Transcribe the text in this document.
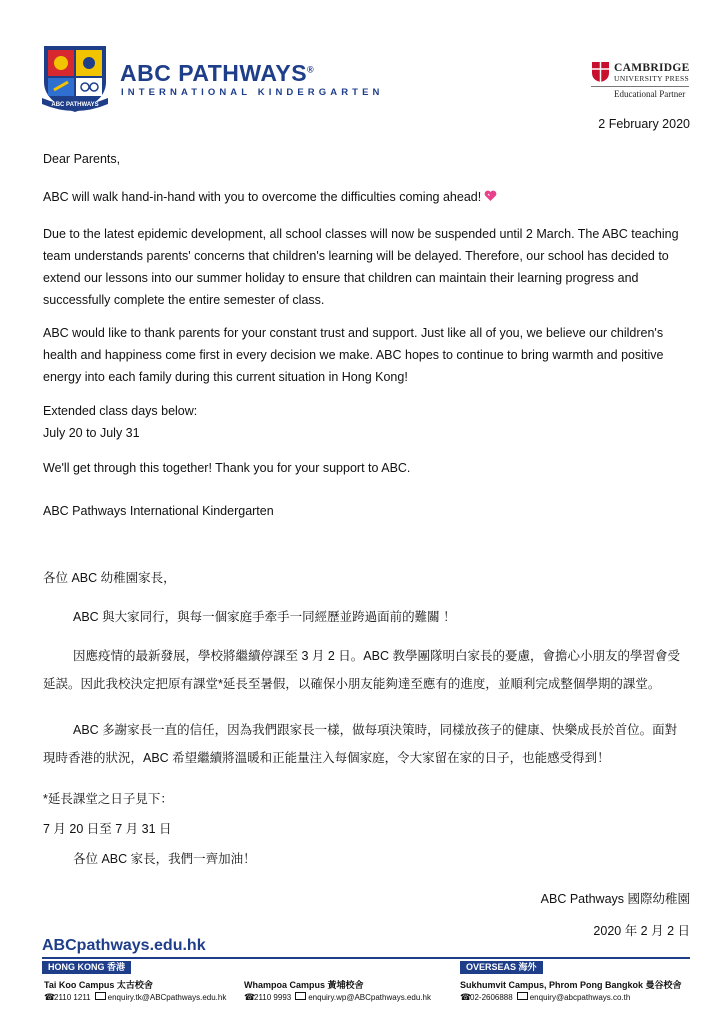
ABC PATHWAYS
ABC PATHWAYS®
INTERNATIONAL KINDERGARTEN
CAMBRIDGE
UNIVERSITY PRESS
Educational Partner
2 February 2020

Dear Parents,

ABC will walk hand-in-hand with you to overcome the difficulties coming ahead!

Due to the latest epidemic development, all school classes will now be suspended until 2 March. The ABC teaching team understands parents' concerns that children's learning will be delayed. Therefore, our school has decided to extend our lessons into our summer holiday to ensure that children can maintain their learning progress and successfully complete the entire semester of class.

ABC would like to thank parents for your constant trust and support. Just like all of you, we believe our children's health and happiness come first in every decision we make. ABC hopes to continue to bring warmth and positive energy into each family during this current situation in Hong Kong!

Extended class days below:

July 20 to July 31

We'll get through this together! Thank you for your support to ABC.

ABC Pathways International Kindergarten

各位 ABC 幼稚園家長，

ABC 與大家同行，與每一個家庭手牽手一同經歷並跨過面前的難關 ！

因應疫情的最新發展，學校將繼續停課至 3 月 2 日。ABC 教學團隊明白家長的憂慮，會擔心小朋友的學習會受延誤。因此我校決定把原有課堂*延長至暑假，以確保小朋友能夠達至應有的進度，並順利完成整個學期的課堂。

ABC 多謝家長一直的信任，因為我們跟家長一樣，做每項決策時，同樣放孩子的健康、快樂成長於首位。面對現時香港的狀況，ABC 希望繼續將溫暖和正能量注入每個家庭，令大家留在家的日子，也能感受得到！

*延長課堂之日子見下：

7 月 20 日至 7 月 31 日

各位 ABC 家長，我們一齊加油！

ABC Pathways 國際幼稚園
2020 年 2 月 2 日
ABCpathways.edu.hk
HONG KONG 香港	OVERSEAS 海外
Tai Koo Campus 太古校舍
☎2110 1211 enquiry.tk@ABCpathways.edu.hk
Whampoa Campus 黃埔校舍
☎2110 9993 enquiry.wp@ABCpathways.edu.hk
Sukhumvit Campus, Phrom Pong Bangkok 曼谷校舍
☎02-2606888 enquiry@abcpathways.co.th
